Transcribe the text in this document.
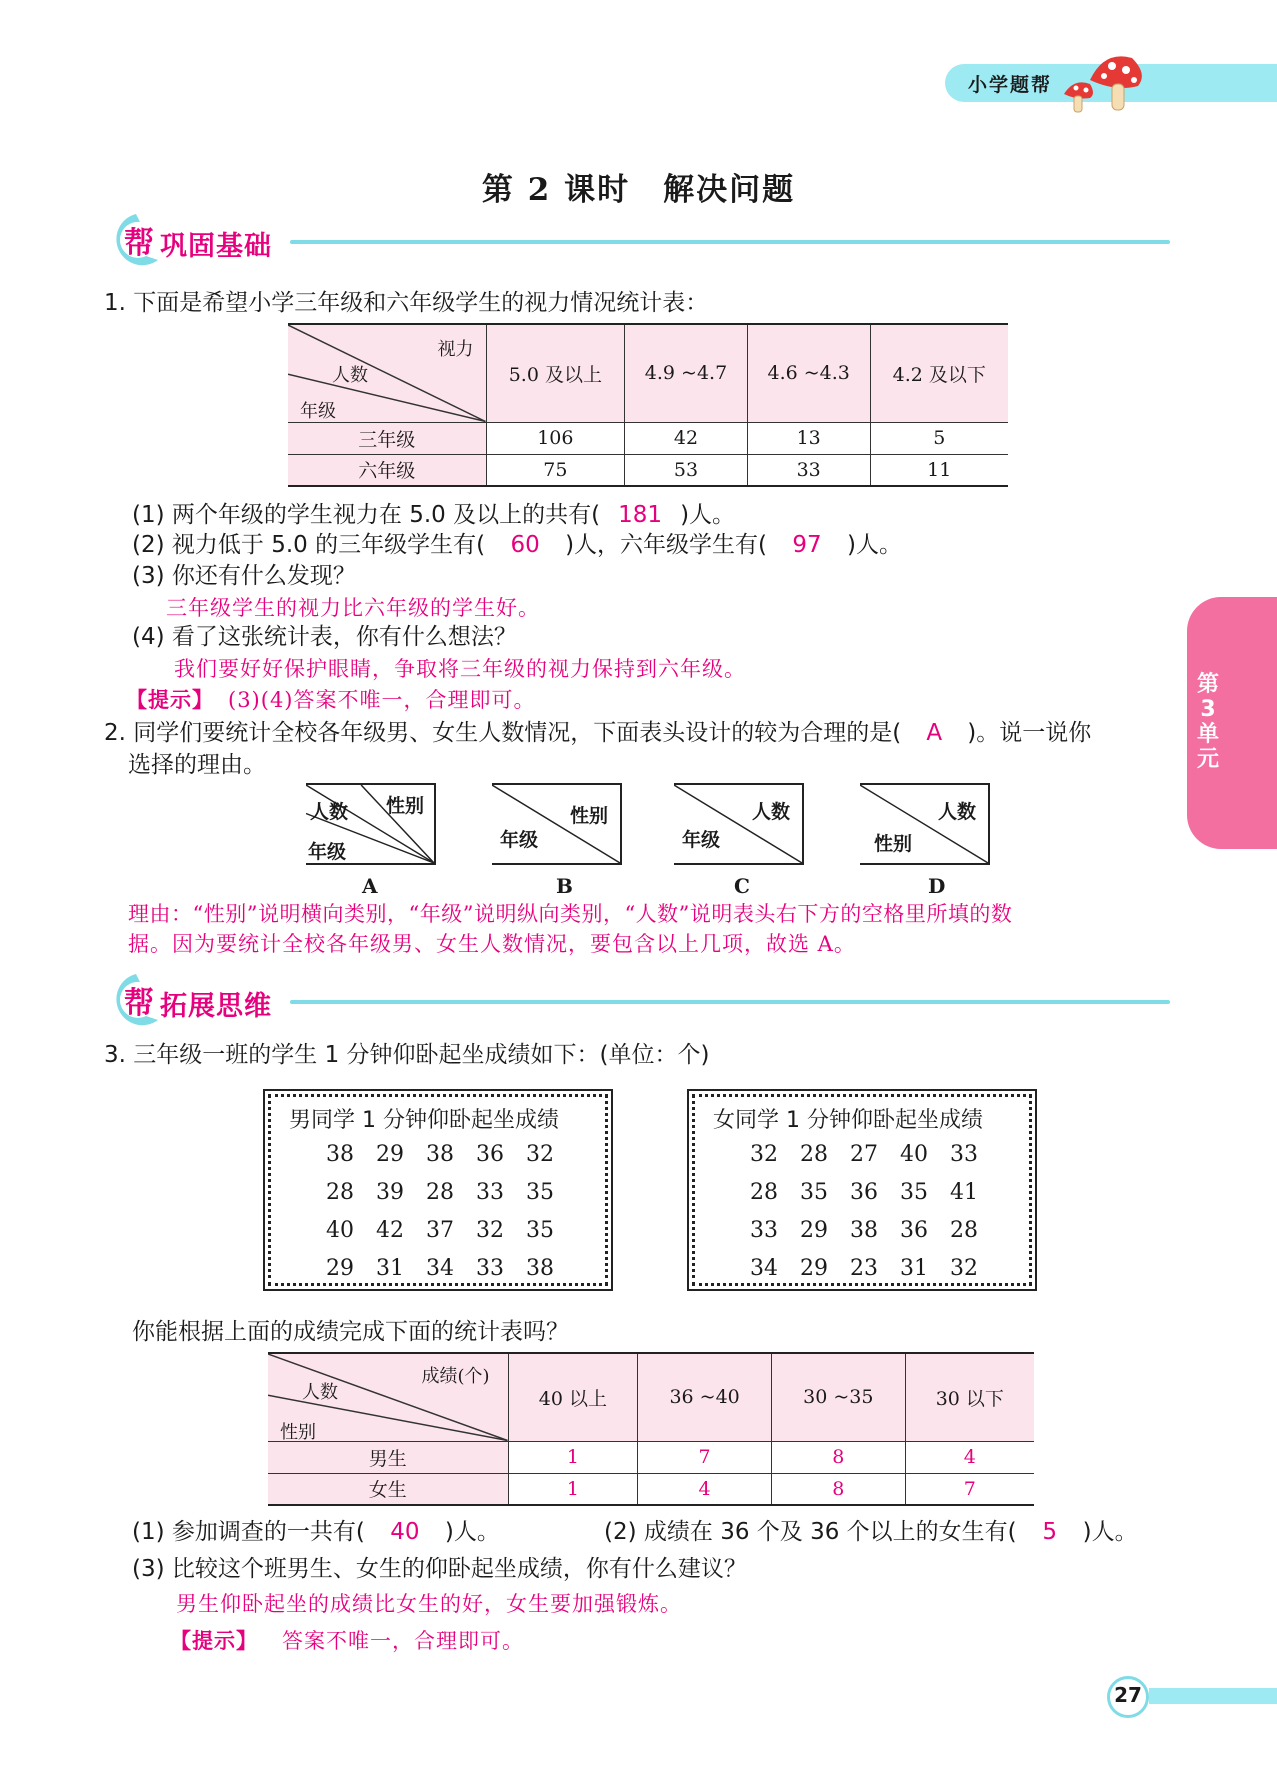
小学题帮
第 2 课时　解决问题
帮 巩固基础
1. 下面是希望小学三年级和六年级学生的视力情况统计表：
视力
人数
年级	5.0 及以上	4.9 ~4.7	4.6 ~4.3	4.2 及以下
三年级	106	42	13	5
六年级	75	53	33	11
(1) 两个年级的学生视力在 5.0 及以上的共有( 181 )人。
(2) 视力低于 5.0 的三年级学生有( 60 )人，六年级学生有( 97 )人。
(3) 你还有什么发现？
三年级学生的视力比六年级的学生好。
(4) 看了这张统计表，你有什么想法？
我们要好好保护眼睛，争取将三年级的视力保持到六年级。
【提示】 (3)(4)答案不唯一，合理即可。
2. 同学们要统计全校各年级男、女生人数情况，下面表头设计的较为合理的是( A )。说一说你
选择的理由。
性别
人数
年级
性别
年级
人数
年级
人数
性别
A	B	C	D
理由：“性别”说明横向类别，“年级”说明纵向类别，“人数”说明表头右下方的空格里所填的数
据。因为要统计全校各年级男、女生人数情况，要包含以上几项，故选 A。
帮 拓展思维
3. 三年级一班的学生 1 分钟仰卧起坐成绩如下：(单位：个)
男同学 1 分钟仰卧起坐成绩
38	29	38	36	32
28	39	28	33	35
40	42	37	32	35
29	31	34	33	38
女同学 1 分钟仰卧起坐成绩
32	28	27	40	33
28	35	36	35	41
33	29	38	36	28
34	29	23	31	32
你能根据上面的成绩完成下面的统计表吗？
成绩(个)
人数
性别	40 以上	36 ~40	30 ~35	30 以下
男生	1	7	8	4
女生	1	4	8	7
(1) 参加调查的一共有( 40 )人。	(2) 成绩在 36 个及 36 个以上的女生有( 5 )人。
(3) 比较这个班男生、女生的仰卧起坐成绩，你有什么建议？
男生仰卧起坐的成绩比女生的好，女生要加强锻炼。
【提示】 答案不唯一，合理即可。
第
3
单
元
27
